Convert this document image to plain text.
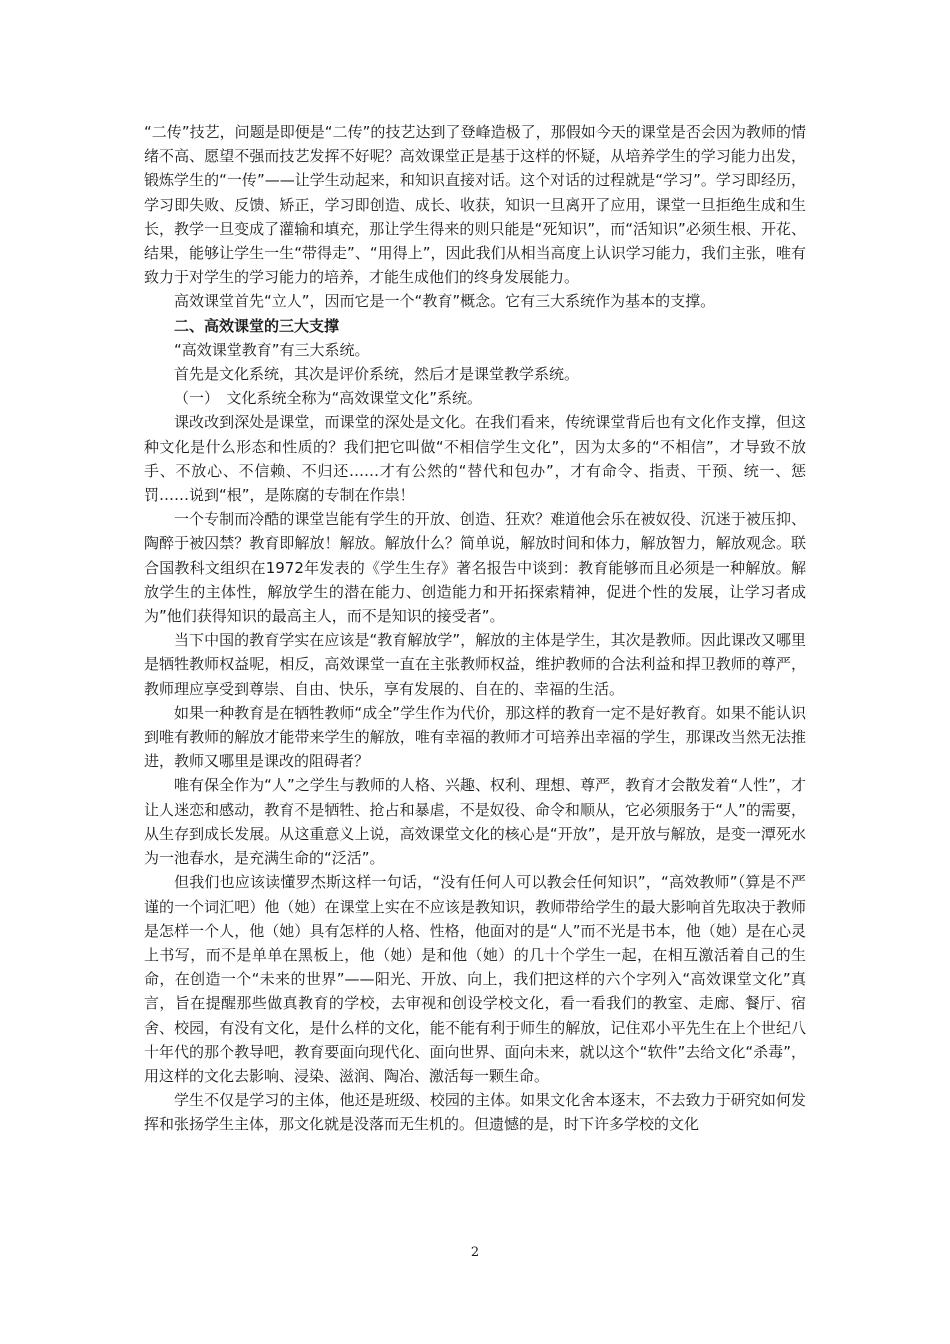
“二传”技艺，问题是即便是“二传”的技艺达到了登峰造极了，那假如今天的课堂是否会因为教师的情绪不高、愿望不强而技艺发挥不好呢？高效课堂正是基于这样的怀疑，从培养学生的学习能力出发，锻炼学生的“一传”——让学生动起来，和知识直接对话。这个对话的过程就是“学习”。学习即经历，学习即失败、反馈、矫正，学习即创造、成长、收获，知识一旦离开了应用，课堂一旦拒绝生成和生长，教学一旦变成了灌输和填充，那让学生得来的则只能是“死知识”，而“活知识”必须生根、开花、结果，能够让学生一生“带得走”、“用得上”，因此我们从相当高度上认识学习能力，我们主张，唯有致力于对学生的学习能力的培养，才能生成他们的终身发展能力。

高效课堂首先“立人”，因而它是一个“教育”概念。它有三大系统作为基本的支撑。

二、高效课堂的三大支撑

“高效课堂教育”有三大系统。

首先是文化系统，其次是评价系统，然后才是课堂教学系统。

（一）　文化系统全称为“高效课堂文化”系统。

课改改到深处是课堂，而课堂的深处是文化。在我们看来，传统课堂背后也有文化作支撑，但这种文化是什么形态和性质的？我们把它叫做“不相信学生文化”，因为太多的“不相信”，才导致不放手、不放心、不信赖、不归还……才有公然的“替代和包办”，才有命令、指责、干预、统一、惩罚……说到“根”，是陈腐的专制在作祟！

一个专制而冷酷的课堂岂能有学生的开放、创造、狂欢？难道他会乐在被奴役、沉迷于被压抑、陶醉于被囚禁？教育即解放！解放。解放什么？简单说，解放时间和体力，解放智力，解放观念。联合国教科文组织在1972年发表的《学生生存》著名报告中谈到：教育能够而且必须是一种解放。解放学生的主体性，解放学生的潜在能力、创造能力和开拓探索精神，促进个性的发展，让学习者成为”他们获得知识的最高主人，而不是知识的接受者”。

当下中国的教育学实在应该是“教育解放学”，解放的主体是学生，其次是教师。因此课改又哪里是牺牲教师权益呢，相反，高效课堂一直在主张教师权益，维护教师的合法利益和捍卫教师的尊严，教师理应享受到尊崇、自由、快乐，享有发展的、自在的、幸福的生活。

如果一种教育是在牺牲教师“成全”学生作为代价，那这样的教育一定不是好教育。如果不能认识到唯有教师的解放才能带来学生的解放，唯有幸福的教师才可培养出幸福的学生，那课改当然无法推进，教师又哪里是课改的阻碍者？

唯有保全作为“人”之学生与教师的人格、兴趣、权利、理想、尊严，教育才会散发着“人性”，才让人迷恋和感动，教育不是牺牲、抢占和暴虐，不是奴役、命令和顺从，它必须服务于“人”的需要，从生存到成长发展。从这重意义上说，高效课堂文化的核心是“开放”，是开放与解放，是变一潭死水为一池春水，是充满生命的“泛活”。

但我们也应该读懂罗杰斯这样一句话，“没有任何人可以教会任何知识”，“高效教师”（算是不严谨的一个词汇吧）他（她）在课堂上实在不应该是教知识，教师带给学生的最大影响首先取决于教师是怎样一个人，他（她）具有怎样的人格、性格，他面对的是“人”而不光是书本，他（她）是在心灵上书写，而不是单单在黑板上，他（她）是和他（她）的几十个学生一起，在相互激活着自己的生命，在创造一个“未来的世界”——阳光、开放、向上，我们把这样的六个字列入“高效课堂文化”真言，旨在提醒那些做真教育的学校，去审视和创设学校文化，看一看我们的教室、走廊、餐厅、宿舍、校园，有没有文化，是什么样的文化，能不能有利于师生的解放，记住邓小平先生在上个世纪八十年代的那个教导吧，教育要面向现代化、面向世界、面向未来，就以这个“软件”去给文化“杀毒”，用这样的文化去影响、浸染、滋润、陶冶、激活每一颗生命。

学生不仅是学习的主体，他还是班级、校园的主体。如果文化舍本逐末，不去致力于研究如何发挥和张扬学生主体，那文化就是没落而无生机的。但遗憾的是，时下许多学校的文化

2
